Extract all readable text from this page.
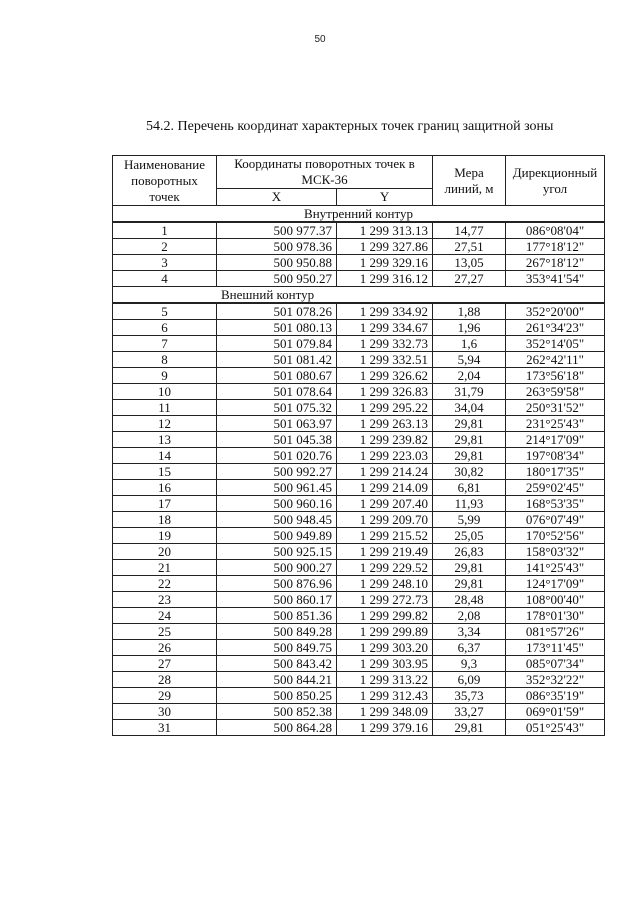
50
54.2. Перечень координат характерных точек границ защитной зоны
Наименование поворотных точек	Координаты поворотных точек в МСК-36		Мера линий, м	Дирекционный угол
	X	Y		
Внутренний контур				
1	500 977.37	1 299 313.13	14,77	086°08'04"
2	500 978.36	1 299 327.86	27,51	177°18'12"
3	500 950.88	1 299 329.16	13,05	267°18'12"
4	500 950.27	1 299 316.12	27,27	353°41'54"
Внешний контур				
5	501 078.26	1 299 334.92	1,88	352°20'00"
6	501 080.13	1 299 334.67	1,96	261°34'23"
7	501 079.84	1 299 332.73	1,6	352°14'05"
8	501 081.42	1 299 332.51	5,94	262°42'11"
9	501 080.67	1 299 326.62	2,04	173°56'18"
10	501 078.64	1 299 326.83	31,79	263°59'58"
11	501 075.32	1 299 295.22	34,04	250°31'52"
12	501 063.97	1 299 263.13	29,81	231°25'43"
13	501 045.38	1 299 239.82	29,81	214°17'09"
14	501 020.76	1 299 223.03	29,81	197°08'34"
15	500 992.27	1 299 214.24	30,82	180°17'35"
16	500 961.45	1 299 214.09	6,81	259°02'45"
17	500 960.16	1 299 207.40	11,93	168°53'35"
18	500 948.45	1 299 209.70	5,99	076°07'49"
19	500 949.89	1 299 215.52	25,05	170°52'56"
20	500 925.15	1 299 219.49	26,83	158°03'32"
21	500 900.27	1 299 229.52	29,81	141°25'43"
22	500 876.96	1 299 248.10	29,81	124°17'09"
23	500 860.17	1 299 272.73	28,48	108°00'40"
24	500 851.36	1 299 299.82	2,08	178°01'30"
25	500 849.28	1 299 299.89	3,34	081°57'26"
26	500 849.75	1 299 303.20	6,37	173°11'45"
27	500 843.42	1 299 303.95	9,3	085°07'34"
28	500 844.21	1 299 313.22	6,09	352°32'22"
29	500 850.25	1 299 312.43	35,73	086°35'19"
30	500 852.38	1 299 348.09	33,27	069°01'59"
31	500 864.28	1 299 379.16	29,81	051°25'43"
